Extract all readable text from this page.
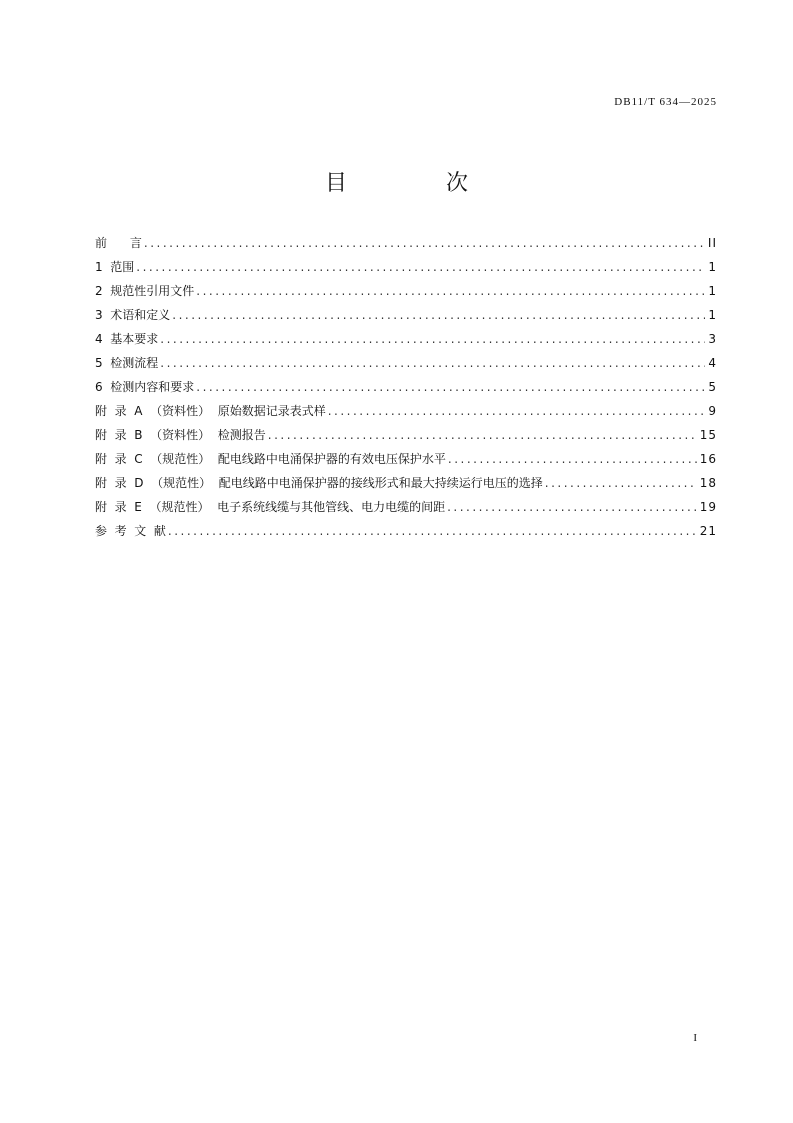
DB11/T 634—2025
目 次
前      言 .....	II
1  范围 .....	1
2  规范性引用文件 .....	1
3  术语和定义 .....	1
4  基本要求 .....	3
5  检测流程 .....	4
6  检测内容和要求 .....	5
附  录  A  （资料性）  原始数据记录表式样 .....	9
附  录  B  （资料性）  检测报告 .....	15
附  录  C  （规范性）  配电线路中电涌保护器的有效电压保护水平 .....	16
附  录  D  （规范性）  配电线路中电涌保护器的接线形式和最大持续运行电压的选择 .....	18
附  录  E  （规范性）  电子系统线缆与其他管线、电力电缆的间距 .....	19
参  考  文  献 .....	21
I
